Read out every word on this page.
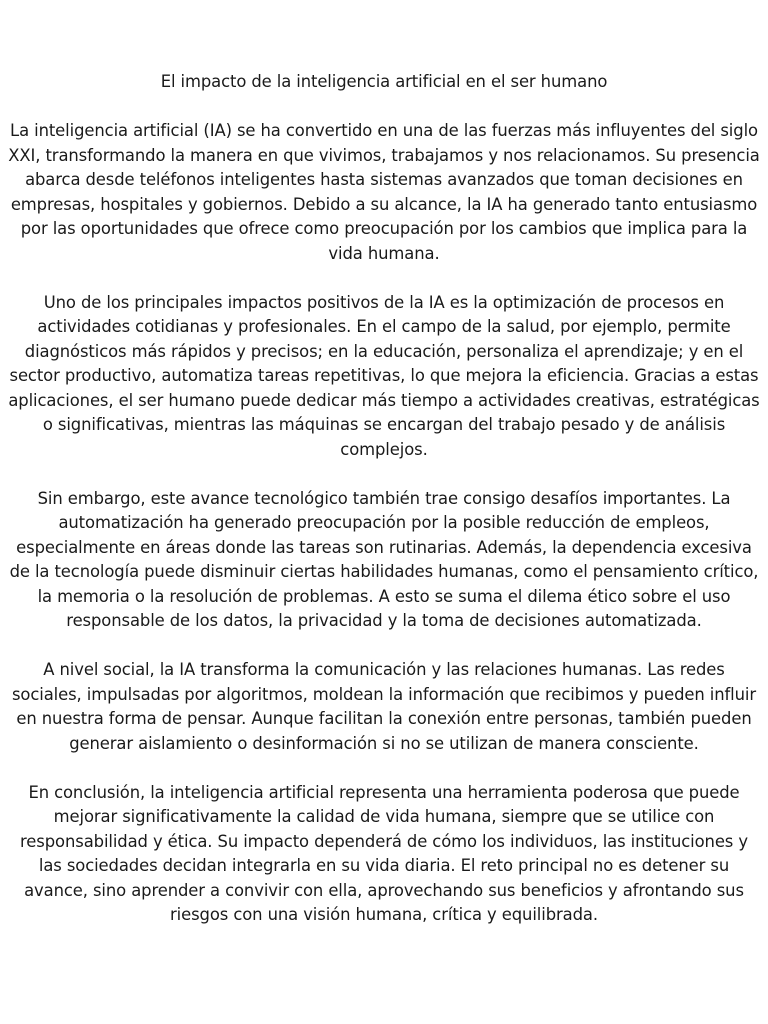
El impacto de la inteligencia artificial en el ser humano

La inteligencia artificial (IA) se ha convertido en una de las fuerzas más influyentes del siglo XXI, transformando la manera en que vivimos, trabajamos y nos relacionamos. Su presencia abarca desde teléfonos inteligentes hasta sistemas avanzados que toman decisiones en empresas, hospitales y gobiernos. Debido a su alcance, la IA ha generado tanto entusiasmo por las oportunidades que ofrece como preocupación por los cambios que implica para la vida humana.

Uno de los principales impactos positivos de la IA es la optimización de procesos en actividades cotidianas y profesionales. En el campo de la salud, por ejemplo, permite diagnósticos más rápidos y precisos; en la educación, personaliza el aprendizaje; y en el sector productivo, automatiza tareas repetitivas, lo que mejora la eficiencia. Gracias a estas aplicaciones, el ser humano puede dedicar más tiempo a actividades creativas, estratégicas o significativas, mientras las máquinas se encargan del trabajo pesado y de análisis complejos.

Sin embargo, este avance tecnológico también trae consigo desafíos importantes. La automatización ha generado preocupación por la posible reducción de empleos, especialmente en áreas donde las tareas son rutinarias. Además, la dependencia excesiva de la tecnología puede disminuir ciertas habilidades humanas, como el pensamiento crítico, la memoria o la resolución de problemas. A esto se suma el dilema ético sobre el uso responsable de los datos, la privacidad y la toma de decisiones automatizada.

A nivel social, la IA transforma la comunicación y las relaciones humanas. Las redes sociales, impulsadas por algoritmos, moldean la información que recibimos y pueden influir en nuestra forma de pensar. Aunque facilitan la conexión entre personas, también pueden generar aislamiento o desinformación si no se utilizan de manera consciente.

En conclusión, la inteligencia artificial representa una herramienta poderosa que puede mejorar significativamente la calidad de vida humana, siempre que se utilice con responsabilidad y ética. Su impacto dependerá de cómo los individuos, las instituciones y las sociedades decidan integrarla en su vida diaria. El reto principal no es detener su avance, sino aprender a convivir con ella, aprovechando sus beneficios y afrontando sus riesgos con una visión humana, crítica y equilibrada.
